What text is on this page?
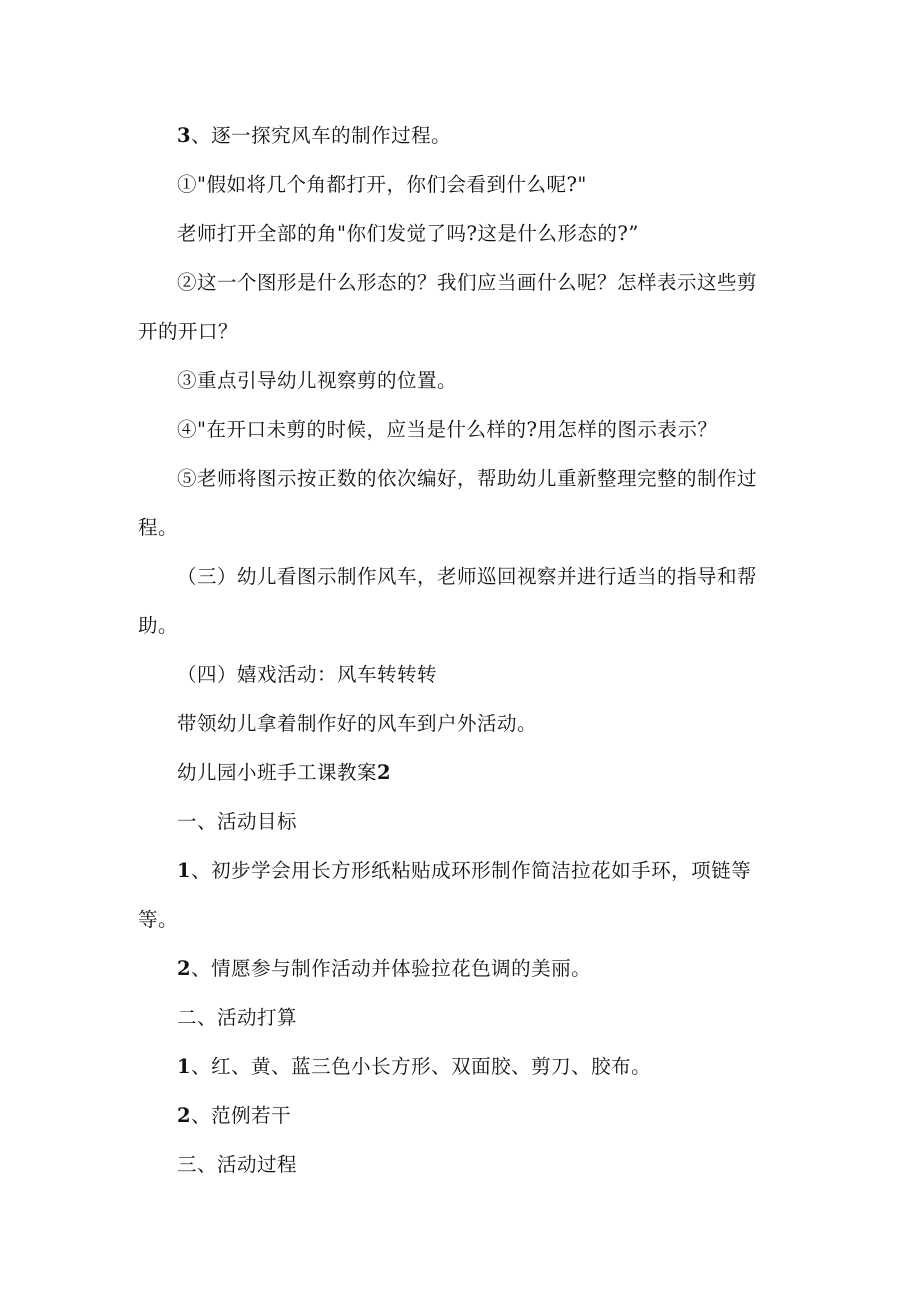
3、逐一探究风车的制作过程。
①"假如将几个角都打开，你们会看到什么呢?"
老师打开全部的角"你们发觉了吗?这是什么形态的?”
②这一个图形是什么形态的？我们应当画什么呢？怎样表示这些剪
开的开口？
③重点引导幼儿视察剪的位置。
④"在开口未剪的时候，应当是什么样的?用怎样的图示表示？
⑤老师将图示按正数的依次编好，帮助幼儿重新整理完整的制作过
程。
（三）幼儿看图示制作风车，老师巡回视察并进行适当的指导和帮
助。
（四）嬉戏活动：风车转转转
带领幼儿拿着制作好的风车到户外活动。
幼儿园小班手工课教案2
一、活动目标
1、初步学会用长方形纸粘贴成环形制作简洁拉花如手环，项链等
等。
2、情愿参与制作活动并体验拉花色调的美丽。
二、活动打算
1、红、黄、蓝三色小长方形、双面胶、剪刀、胶布。
2、范例若干
三、活动过程
